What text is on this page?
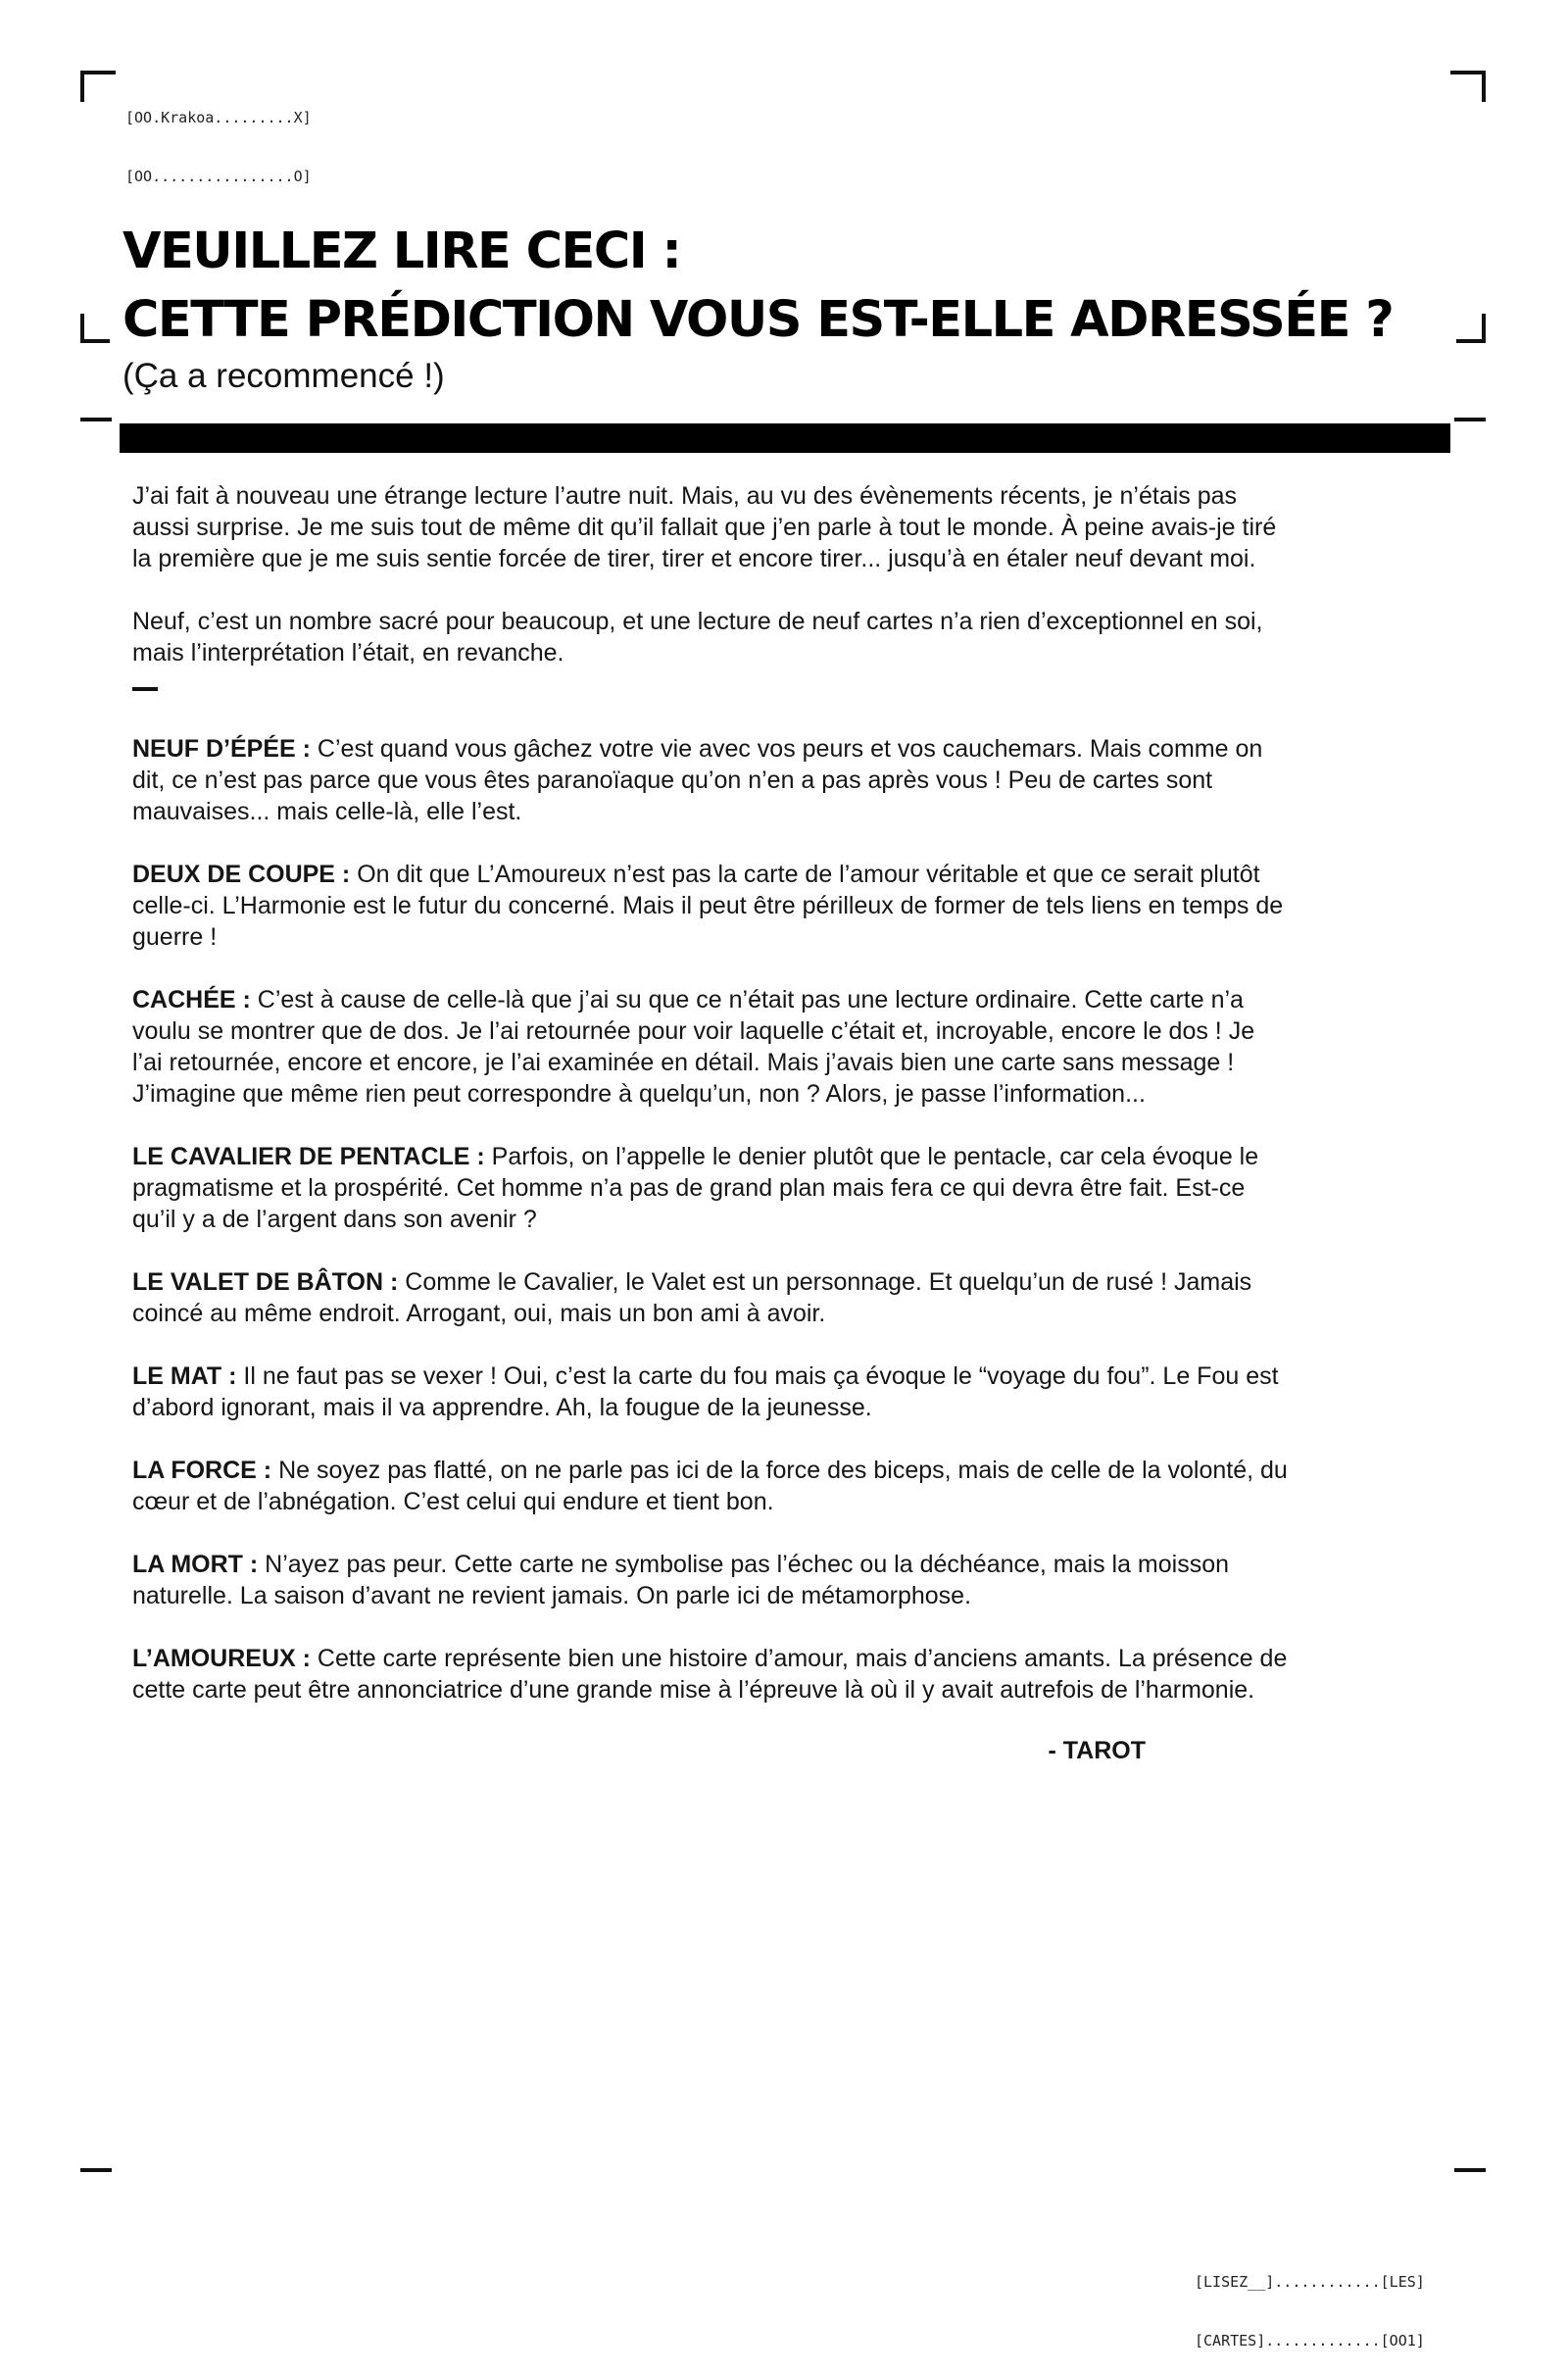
[OO.Krakoa.........X]

[OO................O]

VEUILLEZ LIRE CECI :
CETTE PRÉDICTION VOUS EST-ELLE ADRESSÉE ?
(Ça a recommencé !)

J’ai fait à nouveau une étrange lecture l’autre nuit. Mais, au vu des évènements récents, je n’étais pas aussi surprise. Je me suis tout de même dit qu’il fallait que j’en parle à tout le monde. À peine avais-je tiré la première que je me suis sentie forcée de tirer, tirer et encore tirer... jusqu’à en étaler neuf devant moi.

Neuf, c’est un nombre sacré pour beaucoup, et une lecture de neuf cartes n’a rien d’exceptionnel en soi, mais l’interprétation l’était, en revanche.

NEUF D’ÉPÉE : C’est quand vous gâchez votre vie avec vos peurs et vos cauchemars. Mais comme on dit, ce n’est pas parce que vous êtes paranoïaque qu’on n’en a pas après vous ! Peu de cartes sont mauvaises... mais celle-là, elle l’est.

DEUX DE COUPE : On dit que L’Amoureux n’est pas la carte de l’amour véritable et que ce serait plutôt celle-ci. L’Harmonie est le futur du concerné. Mais il peut être périlleux de former de tels liens en temps de guerre !

CACHÉE : C’est à cause de celle-là que j’ai su que ce n’était pas une lecture ordinaire. Cette carte n’a voulu se montrer que de dos. Je l’ai retournée pour voir laquelle c’était et, incroyable, encore le dos ! Je l’ai retournée, encore et encore, je l’ai examinée en détail. Mais j’avais bien une carte sans message ! J’imagine que même rien peut correspondre à quelqu’un, non ? Alors, je passe l’information...

LE CAVALIER DE PENTACLE : Parfois, on l’appelle le denier plutôt que le pentacle, car cela évoque le pragmatisme et la prospérité. Cet homme n’a pas de grand plan mais fera ce qui devra être fait. Est-ce qu’il y a de l’argent dans son avenir ?

LE VALET DE BÂTON : Comme le Cavalier, le Valet est un personnage. Et quelqu’un de rusé ! Jamais coincé au même endroit. Arrogant, oui, mais un bon ami à avoir.

LE MAT : Il ne faut pas se vexer ! Oui, c’est la carte du fou mais ça évoque le “voyage du fou”. Le Fou est d’abord ignorant, mais il va apprendre. Ah, la fougue de la jeunesse.

LA FORCE : Ne soyez pas flatté, on ne parle pas ici de la force des biceps, mais de celle de la volonté, du cœur et de l’abnégation. C’est celui qui endure et tient bon.

LA MORT : N’ayez pas peur. Cette carte ne symbolise pas l’échec ou la déchéance, mais la moisson naturelle. La saison d’avant ne revient jamais. On parle ici de métamorphose.

L’AMOUREUX : Cette carte représente bien une histoire d’amour, mais d’anciens amants. La présence de cette carte peut être annonciatrice d’une grande mise à l’épreuve là où il y avait autrefois de l’harmonie.

- TAROT

[LISEZ__]............[LES]

[CARTES].............[OO1]
